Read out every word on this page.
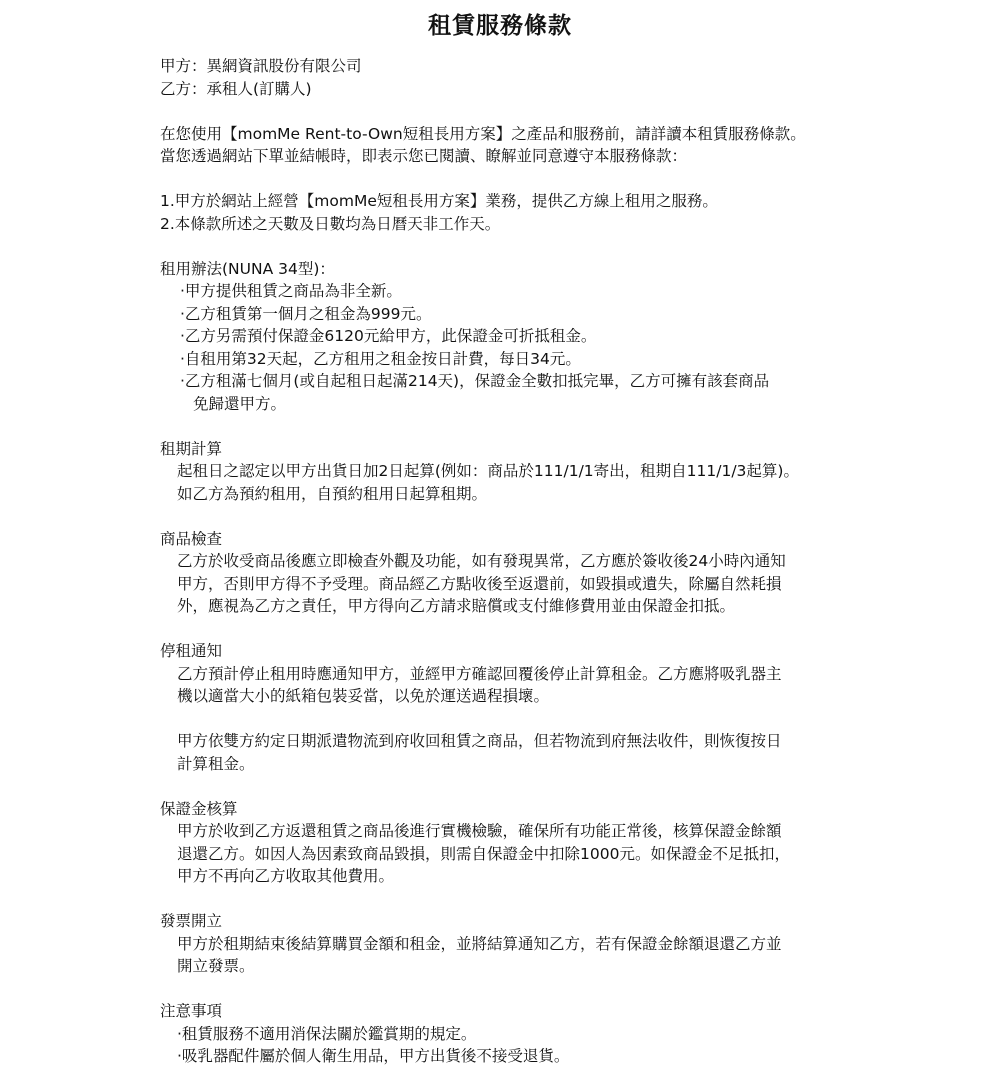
租賃服務條款
甲方：異網資訊股份有限公司
乙方：承租人(訂購人)
在您使用【momMe Rent-to-Own短租長用方案】之產品和服務前，請詳讀本租賃服務條款。
當您透過網站下單並結帳時，即表示您已閱讀、瞭解並同意遵守本服務條款：
1.甲方於網站上經營【momMe短租長用方案】業務，提供乙方線上租用之服務。
2.本條款所述之天數及日數均為日曆天非工作天。
租用辦法(NUNA 34型)：
‧甲方提供租賃之商品為非全新。
‧乙方租賃第一個月之租金為999元。
‧乙方另需預付保證金6120元給甲方，此保證金可折抵租金。
‧自租用第32天起，乙方租用之租金按日計費，每日34元。
‧乙方租滿七個月(或自起租日起滿214天)，保證金全數扣抵完畢，乙方可擁有該套商品
免歸還甲方。
租期計算
起租日之認定以甲方出貨日加2日起算(例如：商品於111/1/1寄出，租期自111/1/3起算)。
如乙方為預約租用，自預約租用日起算租期。
商品檢查
乙方於收受商品後應立即檢查外觀及功能，如有發現異常，乙方應於簽收後24小時內通知
甲方，否則甲方得不予受理。商品經乙方點收後至返還前，如毀損或遺失，除屬自然耗損
外，應視為乙方之責任，甲方得向乙方請求賠償或支付維修費用並由保證金扣抵。
停租通知
乙方預計停止租用時應通知甲方，並經甲方確認回覆後停止計算租金。乙方應將吸乳器主
機以適當大小的紙箱包裝妥當，以免於運送過程損壞。
甲方依雙方約定日期派遣物流到府收回租賃之商品，但若物流到府無法收件，則恢復按日
計算租金。
保證金核算
甲方於收到乙方返還租賃之商品後進行實機檢驗，確保所有功能正常後，核算保證金餘額
退還乙方。如因人為因素致商品毀損，則需自保證金中扣除1000元。如保證金不足抵扣，
甲方不再向乙方收取其他費用。
發票開立
甲方於租期結束後結算購買金額和租金，並將結算通知乙方，若有保證金餘額退還乙方並
開立發票。
注意事項
‧租賃服務不適用消保法關於鑑賞期的規定。
‧吸乳器配件屬於個人衛生用品，甲方出貨後不接受退貨。
